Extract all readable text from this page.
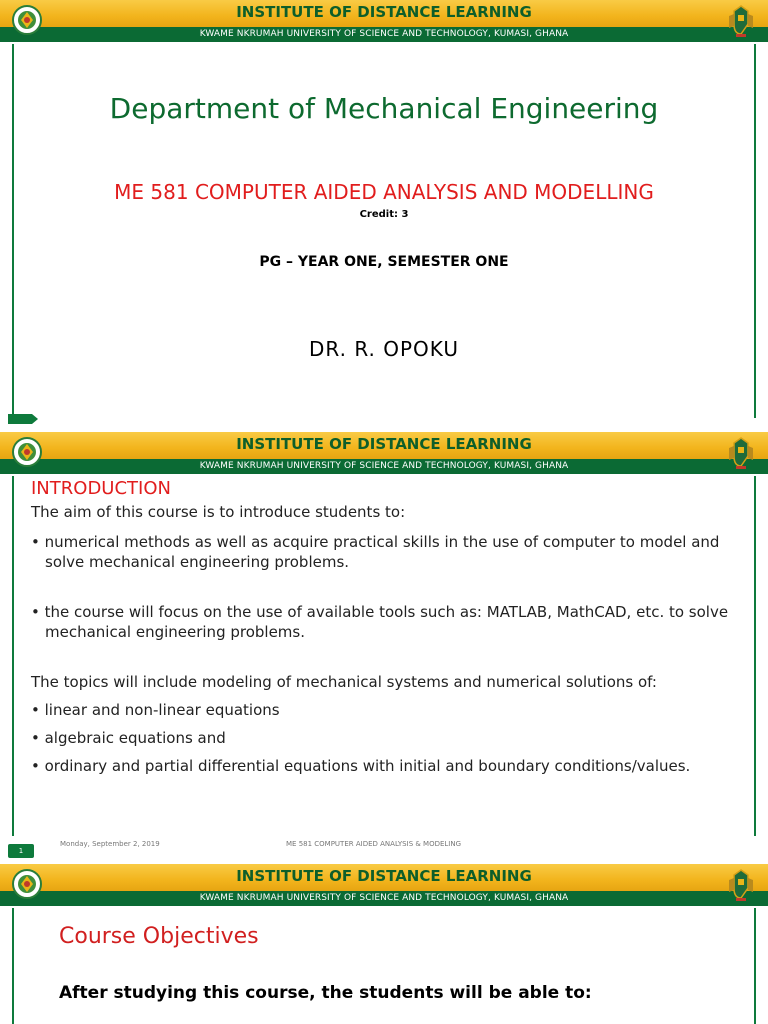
INSTITUTE OF DISTANCE LEARNING
KWAME NKRUMAH UNIVERSITY OF SCIENCE AND TECHNOLOGY, KUMASI, GHANA
Department of Mechanical Engineering
ME 581 COMPUTER AIDED ANALYSIS AND MODELLING
Credit: 3
PG – YEAR ONE, SEMESTER ONE
DR. R. OPOKU
INSTITUTE OF DISTANCE LEARNING
KWAME NKRUMAH UNIVERSITY OF SCIENCE AND TECHNOLOGY, KUMASI, GHANA
INTRODUCTION

The aim of this course is to introduce students to:

• numerical methods as well as acquire practical skills in the use of computer to model and solve mechanical engineering problems.

• the course will focus on the use of available tools such as: MATLAB, MathCAD, etc. to solve mechanical engineering problems.

The topics will include modeling of mechanical systems and numerical solutions of:

• linear and non-linear equations

• algebraic equations and

• ordinary and partial differential equations with initial and boundary conditions/values.

1
Monday, September 2, 2019	ME 581 COMPUTER AIDED ANALYSIS & MODELING
INSTITUTE OF DISTANCE LEARNING
KWAME NKRUMAH UNIVERSITY OF SCIENCE AND TECHNOLOGY, KUMASI, GHANA
Course Objectives
After studying this course, the students will be able to:
